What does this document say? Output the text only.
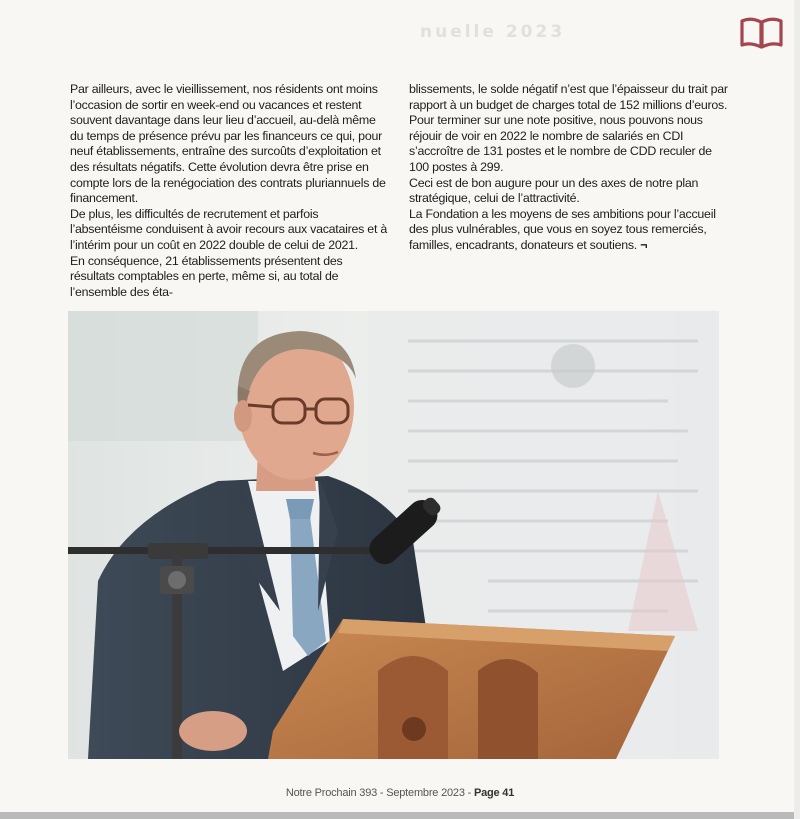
nuelle 2023

Par ailleurs, avec le vieillissement, nos résidents ont moins l’occasion de sortir en week-end ou vacances et restent souvent davantage dans leur lieu d’accueil, au-delà même du temps de présence prévu par les financeurs ce qui, pour neuf établissements, entraîne des surcoûts d’exploitation et des résultats négatifs. Cette évolution devra être prise en compte lors de la renégociation des contrats pluriannuels de financement.

De plus, les difficultés de recrutement et parfois l’absentéisme conduisent à avoir recours aux vacataires et à l’intérim pour un coût en 2022 double de celui de 2021.

En conséquence, 21 établissements présentent des résultats comptables en perte, même si, au total de l’ensemble des éta-

blissements, le solde négatif n’est que l’épaisseur du trait par rapport à un budget de charges total de 152 millions d’euros.

Pour terminer sur une note positive, nous pouvons nous réjouir de voir en 2022 le nombre de salariés en CDI s’accroître de 131 postes et le nombre de CDD reculer de 100 postes à 299.

Ceci est de bon augure pour un des axes de notre plan stratégique, celui de l’attractivité.

La Fondation a les moyens de ses ambitions pour l’accueil des plus vulnérables, que vous en soyez tous remerciés, familles, encadrants, donateurs et soutiens. ¬

Notre Prochain 393 - Septembre 2023 - Page 41
